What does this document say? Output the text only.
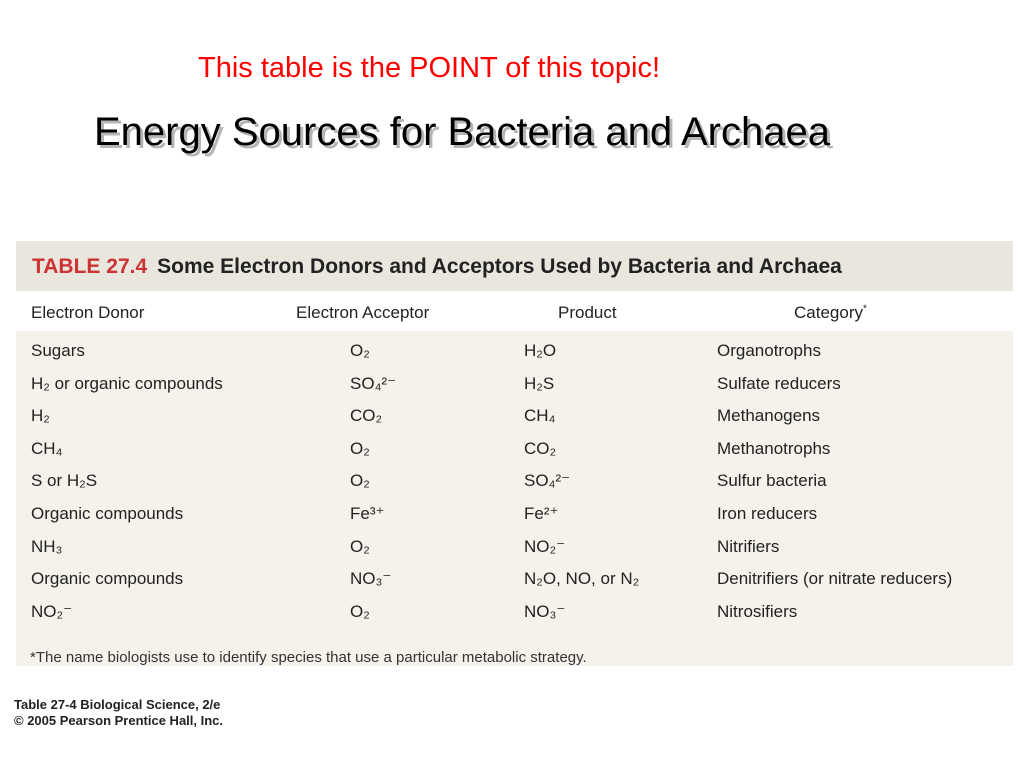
This table is the POINT of this topic!
Energy Sources for Bacteria and Archaea
TABLE 27.4 Some Electron Donors and Acceptors Used by Bacteria and Archaea
Electron Donor	Electron Acceptor	Product	Category*
Sugars	O₂	H₂O	Organotrophs
H₂ or organic compounds	SO₄²⁻	H₂S	Sulfate reducers
H₂	CO₂	CH₄	Methanogens
CH₄	O₂	CO₂	Methanotrophs
S or H₂S	O₂	SO₄²⁻	Sulfur bacteria
Organic compounds	Fe³⁺	Fe²⁺	Iron reducers
NH₃	O₂	NO₂⁻	Nitrifiers
Organic compounds	NO₃⁻	N₂O, NO, or N₂	Denitrifiers (or nitrate reducers)
NO₂⁻	O₂	NO₃⁻	Nitrosifiers
*The name biologists use to identify species that use a particular metabolic strategy.
Table 27-4 Biological Science, 2/e
© 2005 Pearson Prentice Hall, Inc.
